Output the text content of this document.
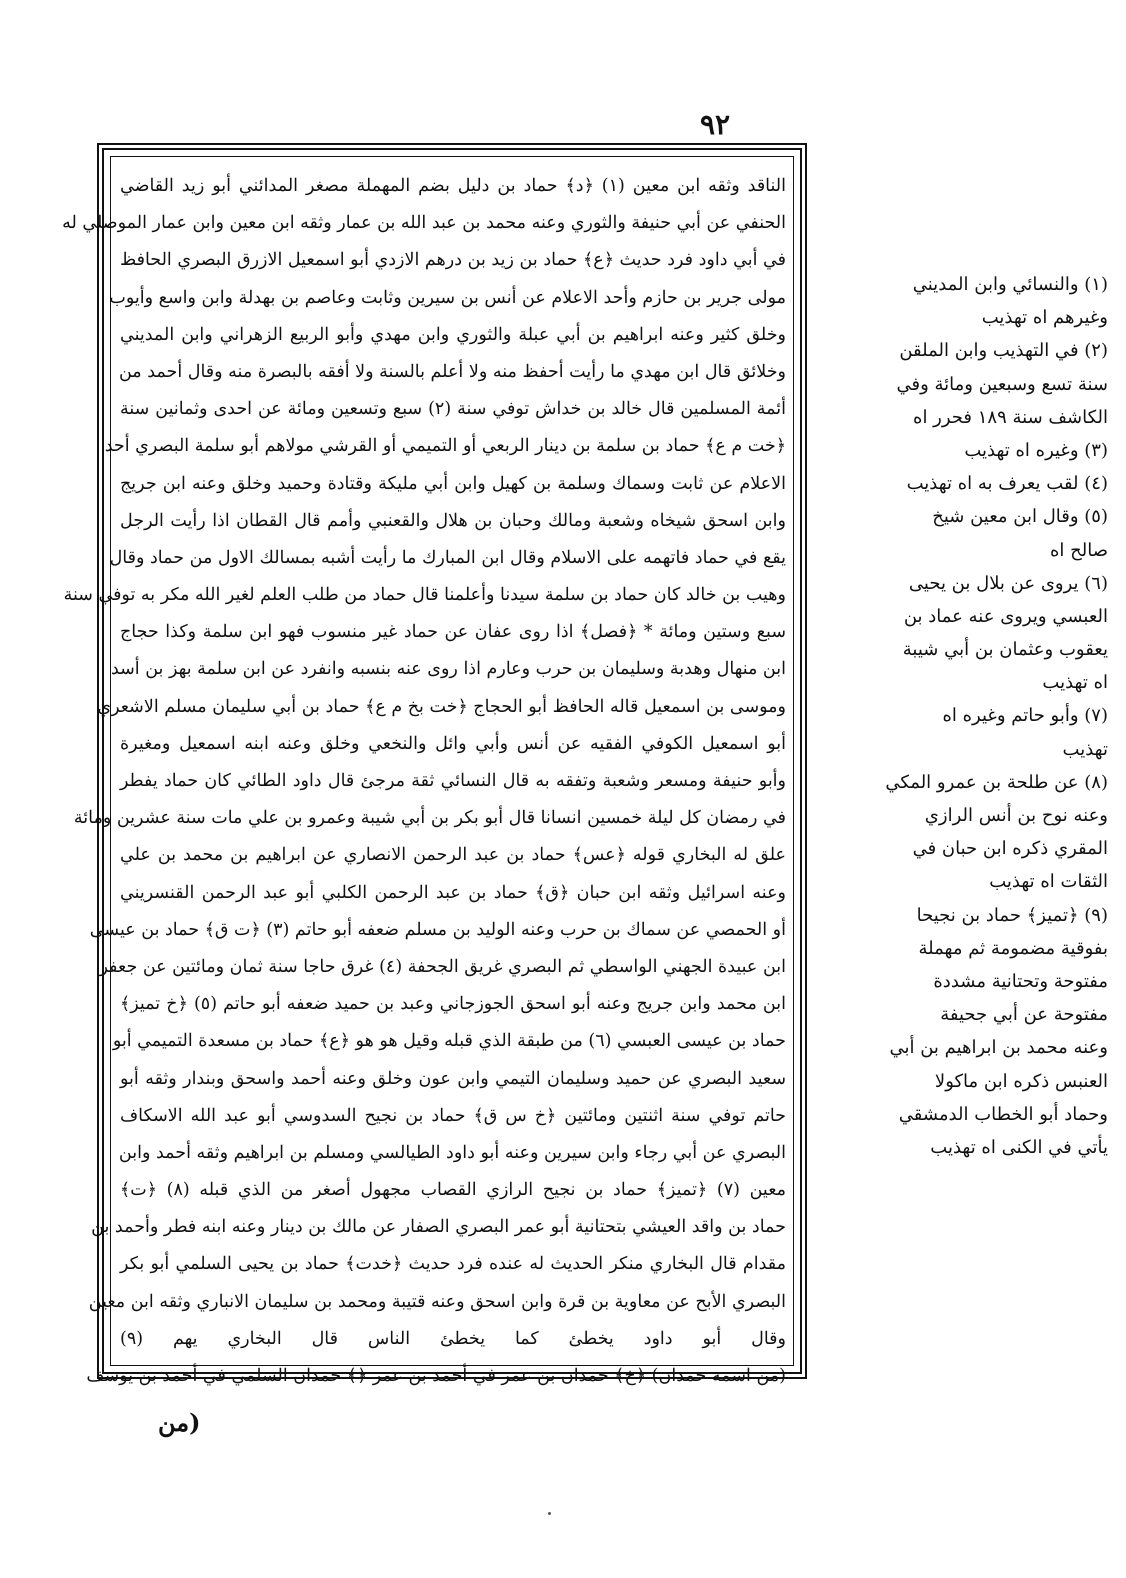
٩٢
الناقد وثقه ابن معين (١) ﴿د﴾ حماد بن دليل بضم المهملة مصغر المدائني أبو زيد القاضي
الحنفي عن أبي حنيفة والثوري وعنه محمد بن عبد الله بن عمار وثقه ابن معين وابن عمار الموصلي له
في أبي داود فرد حديث ﴿ع﴾ حماد بن زيد بن درهم الازدي أبو اسمعيل الازرق البصري الحافظ
مولى جرير بن حازم وأحد الاعلام عن أنس بن سيرين وثابت وعاصم بن بهدلة وابن واسع وأيوب
وخلق كثير وعنه ابراهيم بن أبي عبلة والثوري وابن مهدي وأبو الربيع الزهراني وابن المديني
وخلائق قال ابن مهدي ما رأيت أحفظ منه ولا أعلم بالسنة ولا أفقه بالبصرة منه وقال أحمد من
أئمة المسلمين قال خالد بن خداش توفي سنة (٢) سبع وتسعين ومائة عن احدى وثمانين سنة
﴿خت م ع﴾ حماد بن سلمة بن دينار الربعي أو التميمي أو القرشي مولاهم أبو سلمة البصري أحد
الاعلام عن ثابت وسماك وسلمة بن كهيل وابن أبي مليكة وقتادة وحميد وخلق وعنه ابن جريج
وابن اسحق شيخاه وشعبة ومالك وحبان بن هلال والقعنبي وأمم قال القطان اذا رأيت الرجل
يقع في حماد فاتهمه على الاسلام وقال ابن المبارك ما رأيت أشبه بمسالك الاول من حماد وقال
وهيب بن خالد كان حماد بن سلمة سيدنا وأعلمنا قال حماد من طلب العلم لغير الله مكر به توفي سنة
سبع وستين ومائة * ﴿فصل﴾ اذا روى عفان عن حماد غير منسوب فهو ابن سلمة وكذا حجاج
ابن منهال وهدبة وسليمان بن حرب وعارم اذا روى عنه بنسبه وانفرد عن ابن سلمة بهز بن أسد
وموسى بن اسمعيل قاله الحافظ أبو الحجاج ﴿خت بخ م ع﴾ حماد بن أبي سليمان مسلم الاشعري
أبو اسمعيل الكوفي الفقيه عن أنس وأبي وائل والنخعي وخلق وعنه ابنه اسمعيل ومغيرة
وأبو حنيفة ومسعر وشعبة وتفقه به قال النسائي ثقة مرجئ قال داود الطائي كان حماد يفطر
في رمضان كل ليلة خمسين انسانا قال أبو بكر بن أبي شيبة وعمرو بن علي مات سنة عشرين ومائة
علق له البخاري قوله ﴿عس﴾ حماد بن عبد الرحمن الانصاري عن ابراهيم بن محمد بن علي
وعنه اسرائيل وثقه ابن حبان ﴿ق﴾ حماد بن عبد الرحمن الكلبي أبو عبد الرحمن القنسريني
أو الحمصي عن سماك بن حرب وعنه الوليد بن مسلم ضعفه أبو حاتم (٣) ﴿ت ق﴾ حماد بن عيسى
ابن عبيدة الجهني الواسطي ثم البصري غريق الجحفة (٤) غرق حاجا سنة ثمان ومائتين عن جعفر
ابن محمد وابن جريج وعنه أبو اسحق الجوزجاني وعبد بن حميد ضعفه أبو حاتم (٥) ﴿خ تميز﴾
حماد بن عيسى العبسي (٦) من طبقة الذي قبله وقيل هو هو ﴿ع﴾ حماد بن مسعدة التميمي أبو
سعيد البصري عن حميد وسليمان التيمي وابن عون وخلق وعنه أحمد واسحق وبندار وثقه أبو
حاتم توفي سنة اثنتين ومائتين ﴿خ س ق﴾ حماد بن نجيح السدوسي أبو عبد الله الاسكاف
البصري عن أبي رجاء وابن سيرين وعنه أبو داود الطيالسي ومسلم بن ابراهيم وثقه أحمد وابن
معين (٧) ﴿تميز﴾ حماد بن نجيح الرازي القصاب مجهول أصغر من الذي قبله (٨) ﴿ت﴾
حماد بن واقد العيشي بتحتانية أبو عمر البصري الصفار عن مالك بن دينار وعنه ابنه فطر وأحمد بن
مقدام قال البخاري منكر الحديث له عنده فرد حديث ﴿خدت﴾ حماد بن يحيى السلمي أبو بكر
البصري الأبح عن معاوية بن قرة وابن اسحق وعنه قتيبة ومحمد بن سليمان الانباري وثقه ابن معين
وقال أبو داود يخطئ كما يخطئ الناس قال البخاري يهم (٩)
(من اسمه حمدان) ﴿خ﴾ حمدان بن عمر في أحمد بن عمر ﴿﴾ حمدان السلمي في أحمد بن يوسف
(١) والنسائي وابن المديني
وغيرهم اه تهذيب
(٢) في التهذيب وابن الملقن
سنة تسع وسبعين ومائة وفي
الكاشف سنة ١٨٩ فحرر اه
(٣) وغيره اه تهذيب
(٤) لقب يعرف به اه تهذيب
(٥) وقال ابن معين شيخ
صالح اه
(٦) يروى عن بلال بن يحيى
العبسي ويروى عنه عماد بن
يعقوب وعثمان بن أبي شيبة
اه تهذيب
(٧) وأبو حاتم وغيره اه
تهذيب
(٨) عن طلحة بن عمرو المكي
وعنه نوح بن أنس الرازي
المقري ذكره ابن حبان في
الثقات اه تهذيب
(٩) ﴿تميز﴾ حماد بن نجيحا
بفوقية مضمومة ثم مهملة
مفتوحة وتحتانية مشددة
مفتوحة عن أبي جحيفة
وعنه محمد بن ابراهيم بن أبي
العنبس ذكره ابن ماكولا
وحماد أبو الخطاب الدمشقي
يأتي في الكنى اه تهذيب
(من
